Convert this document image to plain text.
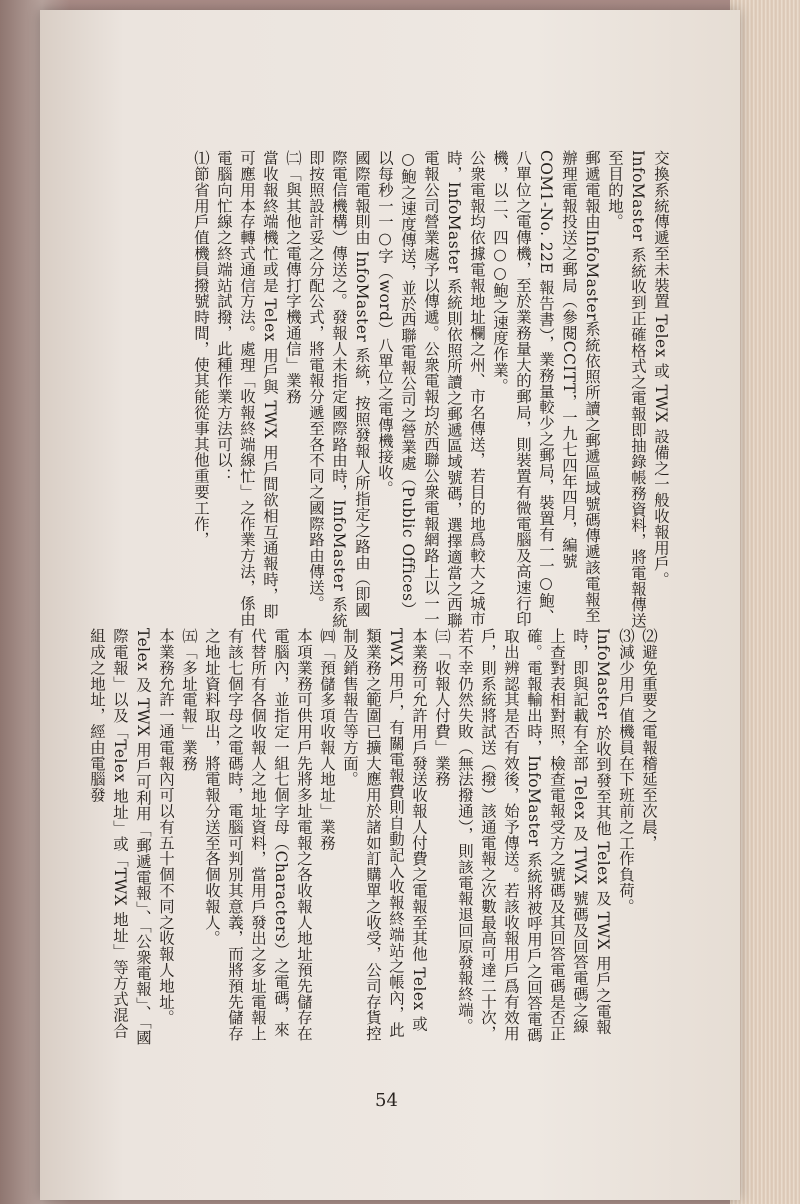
交換系統傳遞至未裝置 Telex 或 TWX 設備之一般收報用戶。InfoMaster 系統收到正確格式之電報即抽錄帳務資料，將電報傳送至目的地。

郵遞電報由InfoMaster系統依照所讀之郵遞區域號碼傳遞該電報至辦理電報投送之郵局（參閱CCITT，一九七四年四月，編號 COM1-No. 22E 報告書），業務量較少之郵局，裝置有一一○鮑、八單位之電傳機，至於業務量大的郵局，則裝置有微電腦及高速行印機，以二、四○○鮑之速度作業。

公衆電報均依據電報地址欄之州、市名傳送，若目的地爲較大之城市時，InfoMaster 系統則依照所讀之郵遞區域號碼，選擇適當之西聯電報公司營業處予以傳遞。公衆電報均於西聯公衆電報網路上以一一○鮑之速度傳送，並於西聯電報公司之營業處（Public Offices）以每秒一一○字（word）八單位之電傳機接收。

國際電報則由 InfoMaster 系統，按照發報人所指定之路由（即國際電信機構）傳送之。發報人未指定國際路由時，InfoMaster 系統即按照設計妥之分配公式，將電報分遞至各不同之國際路由傳送。

㈡「與其他之電傳打字機通信」業務

當收報終端機忙或是 Telex 用戶與 TWX 用戶間欲相互通報時，即可應用本存轉式通信方法。處理「收報終端線忙」之作業方法，係由電腦向忙線之終端站試撥，此種作業方法可以：

⑴節省用戶值機員撥號時間，使其能從事其他重要工作，

⑵避免重要之電報稽延至次晨，

⑶減少用戶值機員在下班前之工作負荷。

InfoMaster 於收到發至其他 Telex 及 TWX 用戶之電報時，即與記載有全部 Telex 及 TWX 號碼及回答電碼之線上查對表相對照，檢查電報受方之號碼及其回答電碼是否正確。電報輸出時，InfoMaster 系統將被呼用戶之回答電碼取出辨認其是否有效後，始予傳送。若該收報用戶爲有效用戶，則系統將試送（撥）該通電報之次數最高可達二十次，若不幸仍然失敗（無法撥通），則該電報退回原發報終端。

㈢「收報人付費」業務

本業務可允許用戶發送收報人付費之電報至其他 Telex 或 TWX 用戶，有關電報費則自動記入收報終端站之帳內，此類業務之範圍已擴大應用於諸如訂購單之收受，公司存貨控制及銷售報告等方面。

㈣「預儲多項收報人地址」業務

本項業務可供用戶先將多址電報之各收報人地址預先儲存在電腦內，並指定一組七個字母（Characters）之電碼，來代替所有各個收報人之地址資料，當用戶發出之多址電報上有該七個字母之電碼時，電腦可判別其意義，而將預先儲存之地址資料取出，將電報分送至各個收報人。

㈤「多址電報」業務

本業務允許一通電報內可以有五十個不同之收報人地址。Telex 及 TWX 用戶可利用「郵遞電報」、「公衆電報」、「國際電報」以及「Telex 地址」或「TWX 地址」等方式混合組成之地址，經由電腦發

54
